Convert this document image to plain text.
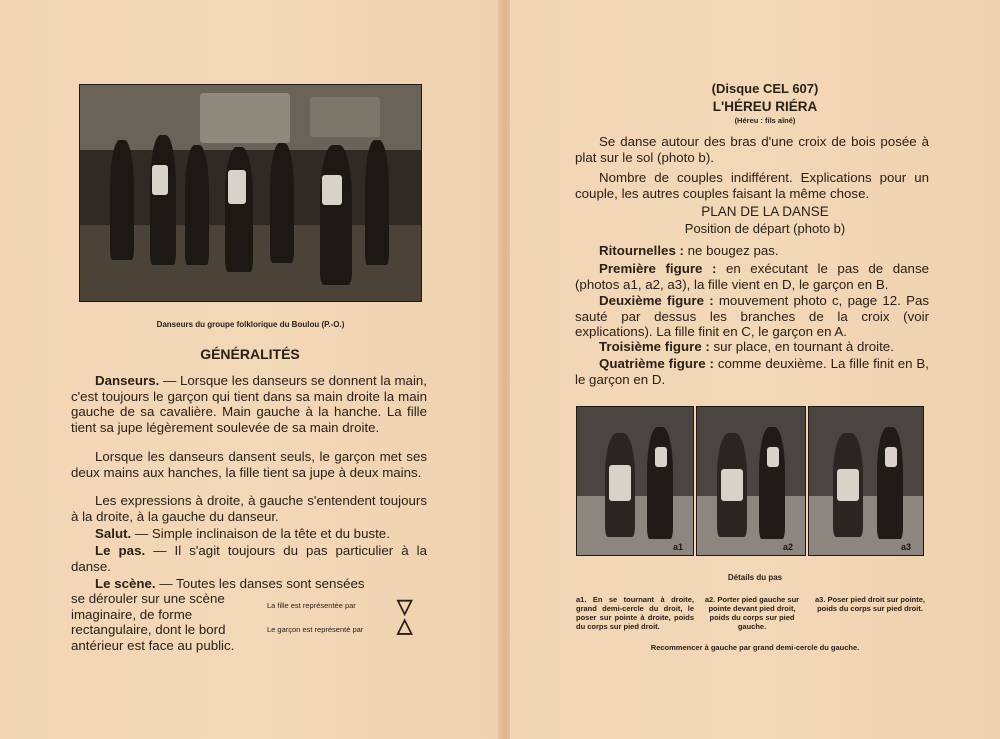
Danseurs du groupe folklorique du Boulou (P.-O.)
GÉNÉRALITÉS
Danseurs. — Lorsque les danseurs se donnent la main, c'est toujours le garçon qui tient dans sa main droite la main gauche de sa cavalière. Main gauche à la hanche. La fille tient sa jupe légèrement soulevée de sa main droite.
Lorsque les danseurs dansent seuls, le garçon met ses deux mains aux hanches, la fille tient sa jupe à deux mains.
Les expressions à droite, à gauche s'entendent toujours à la droite, à la gauche du danseur.
Salut. — Simple inclinaison de la tête et du buste.
Le pas. — Il s'agit toujours du pas particulier à la danse.
Le scène. — Toutes les danses sont sensées
se dérouler sur une scène imaginaire, de forme rectangulaire, dont le bord antérieur est face au public.
La fille est représentée par
Le garçon est représenté par
▽
△
(Disque CEL 607)
L'HÉREU RIÉRA
(Héreu : fils aîné)
Se danse autour des bras d'une croix de bois posée à plat sur le sol (photo b).
Nombre de couples indifférent. Explications pour un couple, les autres couples faisant la même chose.
PLAN DE LA DANSE
Position de départ (photo b)
Ritournelles : ne bougez pas.
Première figure : en exécutant le pas de danse (photos a1, a2, a3), la fille vient en D, le garçon en B.
Deuxième figure : mouvement photo c, page 12. Pas sauté par dessus les branches de la croix (voir explications). La fille finit en C, le garçon en A.
Troisième figure : sur place, en tournant à droite.
Quatrième figure : comme deuxième. La fille finit en B, le garçon en D.
a1	a2	a3
Détails du pas
a1. En se tournant à droite, grand demi-cercle du droit, le poser sur pointe à droite, poids du corps sur pied droit.
a2. Porter pied gauche sur pointe devant pied droit, poids du corps sur pied gauche.
a3. Poser pied droit sur pointe, poids du corps sur pied droit.
Recommencer à gauche par grand demi-cercle du gauche.
